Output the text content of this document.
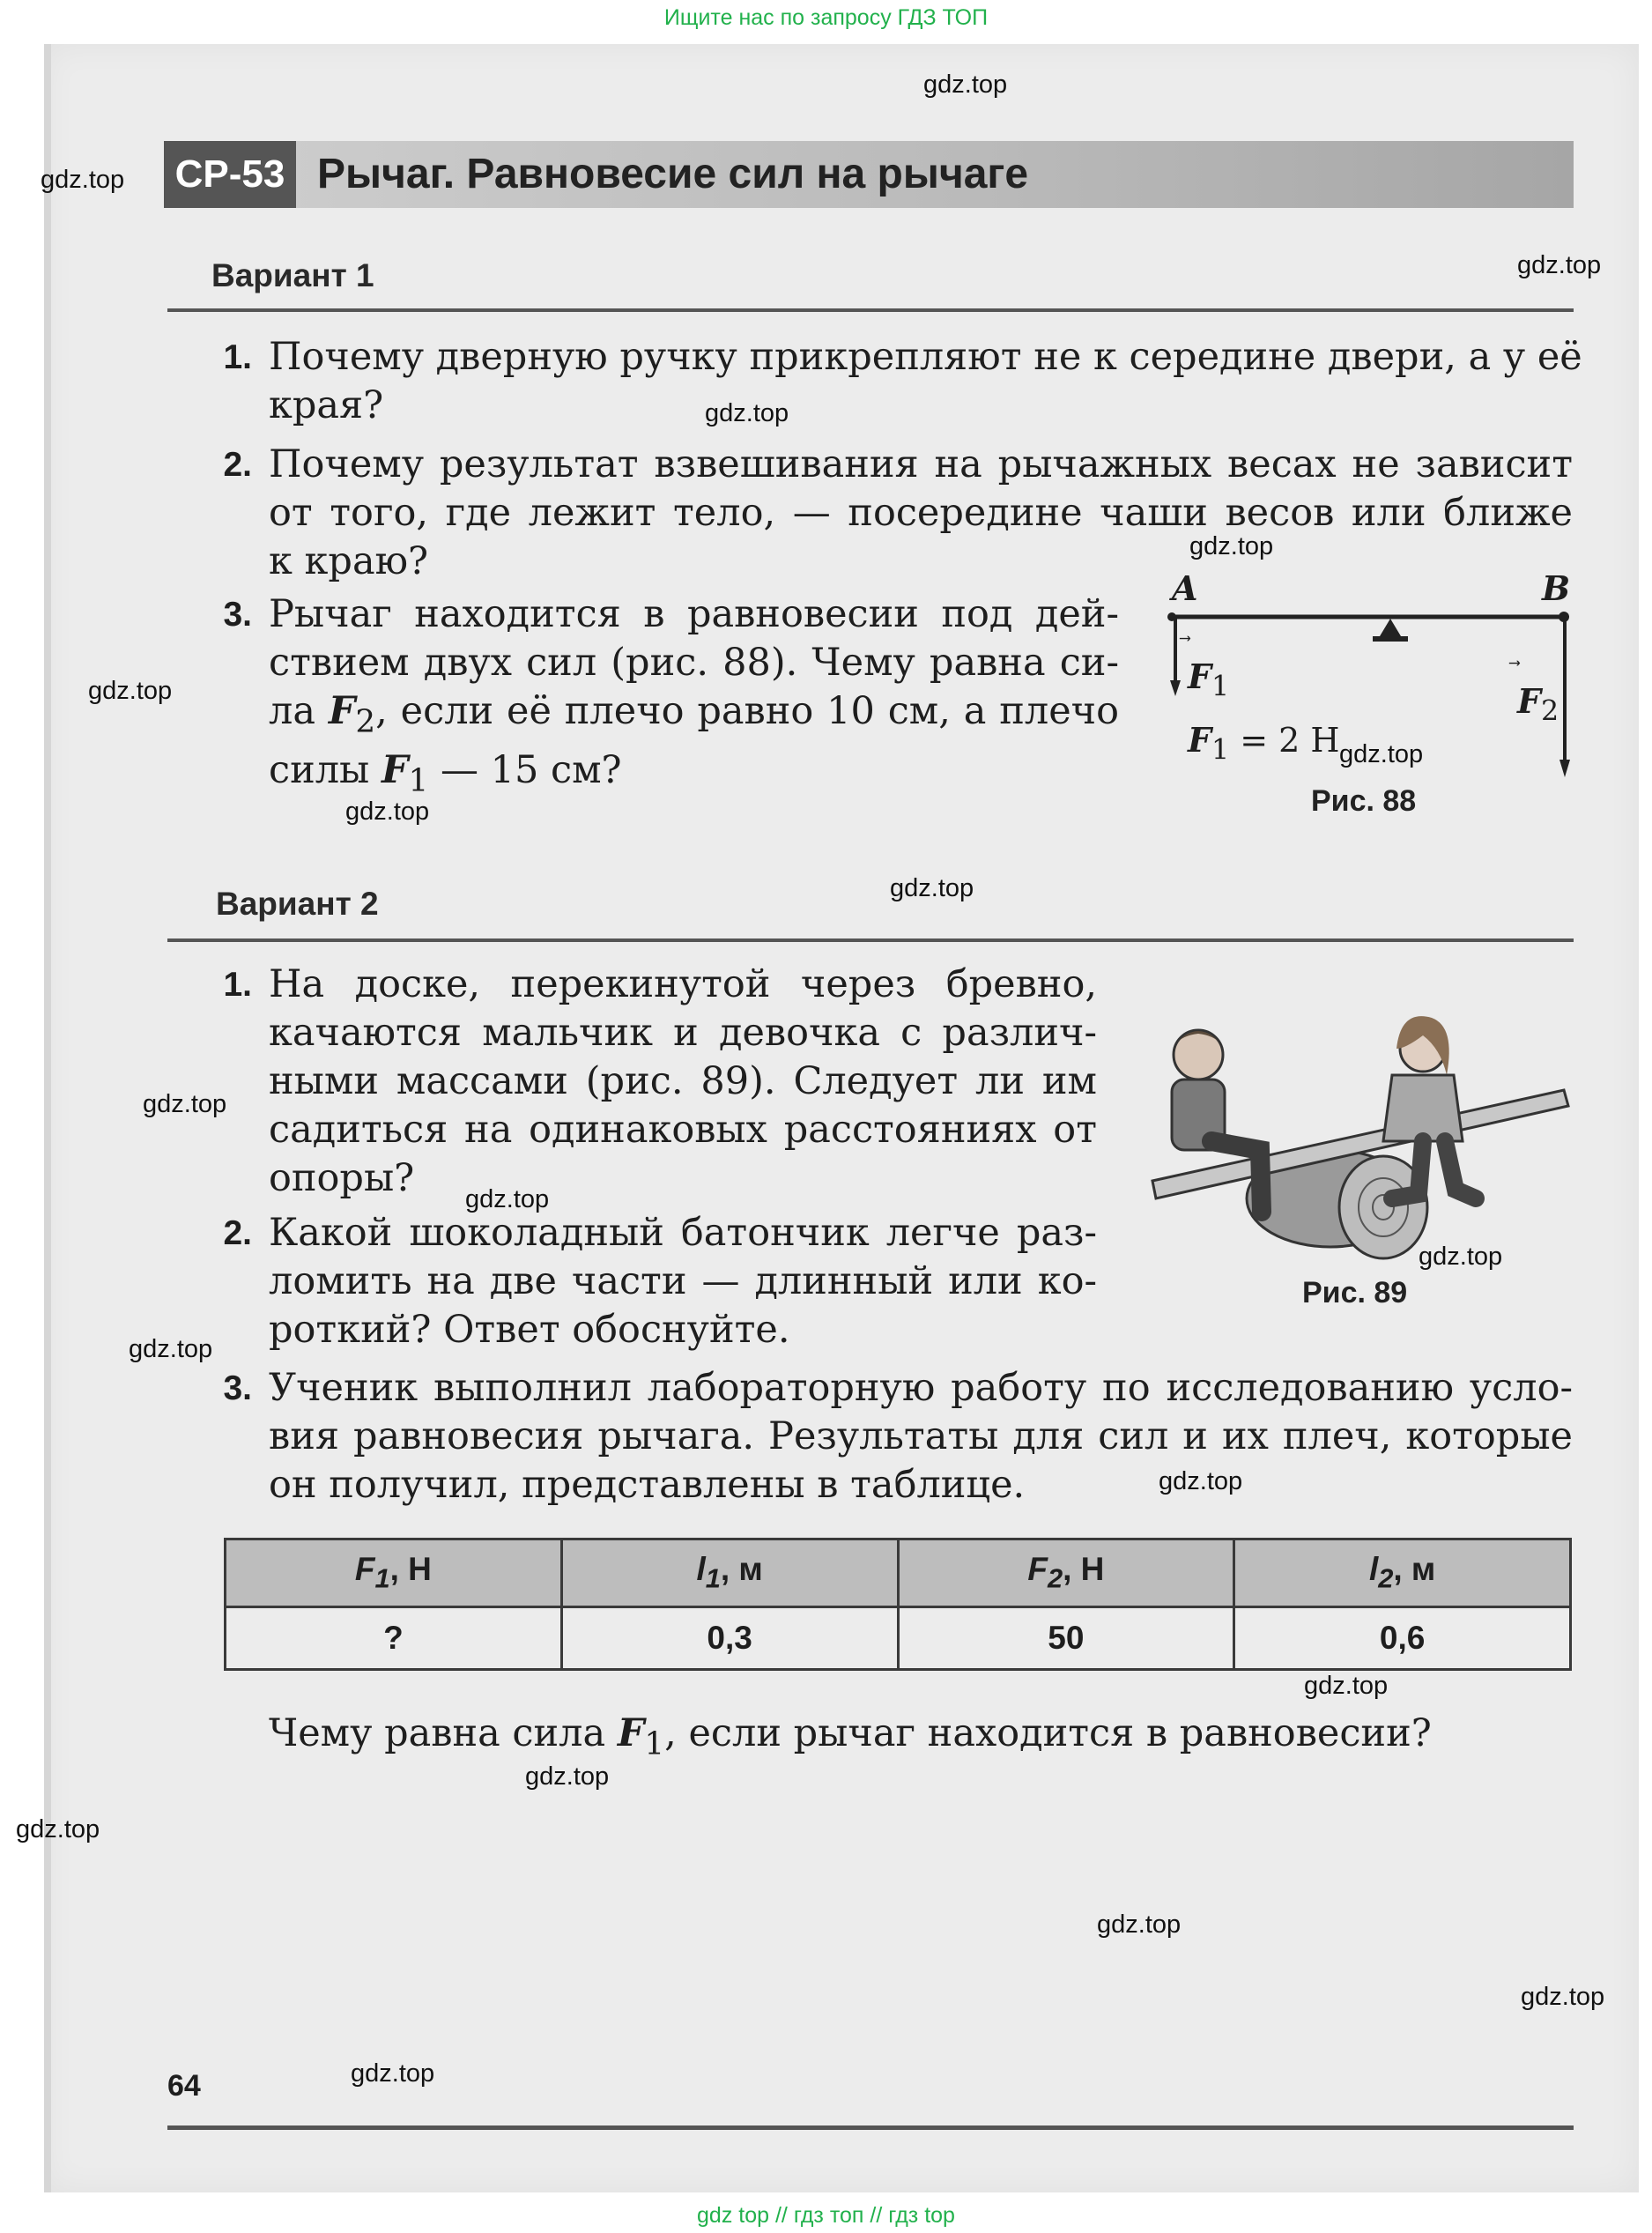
Ищите нас по запросу ГДЗ ТОП
СР-53 Рычаг. Равновесие сил на рычаге
Вариант 1
1. Почему дверную ручку прикрепляют не к середине двери, а у её
края?
2. Почему результат взвешивания на рычажных весах не зависит
от того, где лежит тело, — посередине чаши весов или ближе
к краю?
3. Рычаг находится в равновесии под дей-
ствием двух сил (рис. 88). Чему равна си-
ла $F_2$, если её плечо равно 10 см, а плечо
силы $F_1$ — 15 см?
A	B
$F_1$	$F_2$
$F_1 = 2$ Н
Рис. 88
Вариант 2
1. На доске, перекинутой через бревно,
качаются мальчик и девочка с различ-
ными массами (рис. 89). Следует ли им
садиться на одинаковых расстояниях от
опоры?
2. Какой шоколадный батончик легче раз-
ломить на две части — длинный или ко-
роткий? Ответ обоснуйте.
Рис. 89
3. Ученик выполнил лабораторную работу по исследованию усло-
вия равновесия рычага. Результаты для сил и их плеч, которые
он получил, представлены в таблице.
$F_1$, Н	$l_1$, м	$F_2$, Н	$l_2$, м
?	0,3	50	0,6
Чему равна сила $F_1$, если рычаг находится в равновесии?
64
gdz.top
gdz.top
gdz.top
gdz.top
gdz.top
gdz.top
gdz.top
gdz.top
gdz.top
gdz.top
gdz.top
gdz.top
gdz.top
gdz.top
gdz.top
gdz.top
gdz.top
gdz.top
gdz.top
gdz.top
gdz top // гдз топ // гдз top
